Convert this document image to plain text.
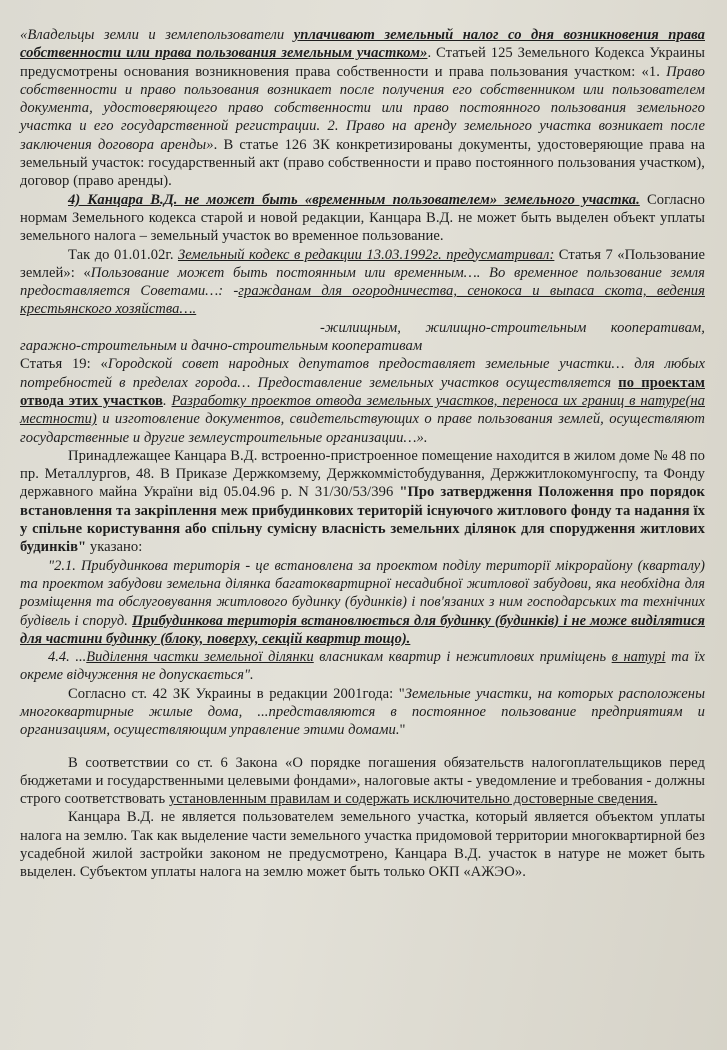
«Владельцы земли и землепользователи уплачивают земельный налог со дня возникновения права собственности или права пользования земельным участком». Статьей 125 Земельного Кодекса Украины предусмотрены основания возникновения права собственности и права пользования участком: «1. Право собственности и право пользования возникает после получения его собственником или пользователем документа, удостоверяющего право собственности или право постоянного пользования земельного участка и его государственной регистрации. 2. Право на аренду земельного участка возникает после заключения договора аренды». В статье 126 ЗК конкретизированы документы, удостоверяющие права на земельный участок: государственный акт (право собственности и право постоянного пользования участком), договор (право аренды).

4) Канцара В.Д. не может быть «временным пользователем» земельного участка. Согласно нормам Земельного кодекса старой и новой редакции, Канцара В.Д. не может быть выделен объект уплаты земельного налога – земельный участок во временное пользование.

Так до 01.01.02г. Земельный кодекс в редакции 13.03.1992г. предусматривал: Статья 7 «Пользование землей»: «Пользование может быть постоянным или временным…. Во временное пользование земля предоставляется Советами…: -гражданам для огородничества, сенокоса и выпаса скота, ведения крестьянского хозяйства….

-жилищным, жилищно-строительным кооперативам, гаражно-строительным и дачно-строительным кооперативам

Статья 19: «Городской совет народных депутатов предоставляет земельные участки… для любых потребностей в пределах города… Предоставление земельных участков осуществляется по проектам отвода этих участков. Разработку проектов отвода земельных участков, переноса их границ в натуре(на местности) и изготовление документов, свидетельствующих о праве пользования землей, осуществляют государственные и другие землеустроительные организации…».

Принадлежащее Канцара В.Д. встроенно-пристроенное помещение находится в жилом доме № 48 по пр. Металлургов, 48. В Приказе Держкомзему, Держкоммістобудування, Держжитлокомунгоспу, та Фонду державного майна України від 05.04.96 р. N 31/30/53/396 "Про затвердження Положення про порядок встановлення та закріплення меж прибудинкових територій існуючого житлового фонду та надання їх у спільне користування або спільну сумісну власність земельних ділянок для спорудження житлових будинків" указано:

"2.1. Прибудинкова територія - це встановлена за проектом поділу території мікрорайону (кварталу) та проектом забудови земельна ділянка багатоквартирної несадибної житлової забудови, яка необхідна для розміщення та обслуговування житлового будинку (будинків) і пов'язаних з ним господарських та технічних будівель і споруд. Прибудинкова територія встановлюється для будинку (будинків) і не може виділятися для частини будинку (блоку, поверху, секцій квартир тощо).

4.4. ...Виділення частки земельної ділянки власникам квартир і нежитлових приміщень в натурі та їх окреме відчуження не допускається".

Согласно ст. 42 ЗК Украины в редакции 2001года: "Земельные участки, на которых расположены многоквартирные жилые дома, ...представляются в постоянное пользование предприятиям и организациям, осуществляющим управление этими домами."

В соответствии со ст. 6 Закона «О порядке погашения обязательств налогоплательщиков перед бюджетами и государственными целевыми фондами», налоговые акты - уведомление и требования - должны строго соответствовать установленным правилам и содержать исключительно достоверные сведения.

Канцара В.Д. не является пользователем земельного участка, который является объектом уплаты налога на землю. Так как выделение части земельного участка придомовой территории многоквартирной без усадебной жилой застройки законом не предусмотрено, Канцара В.Д. участок в натуре не может быть выделен. Субъектом уплаты налога на землю может быть только ОКП «АЖЭО».
